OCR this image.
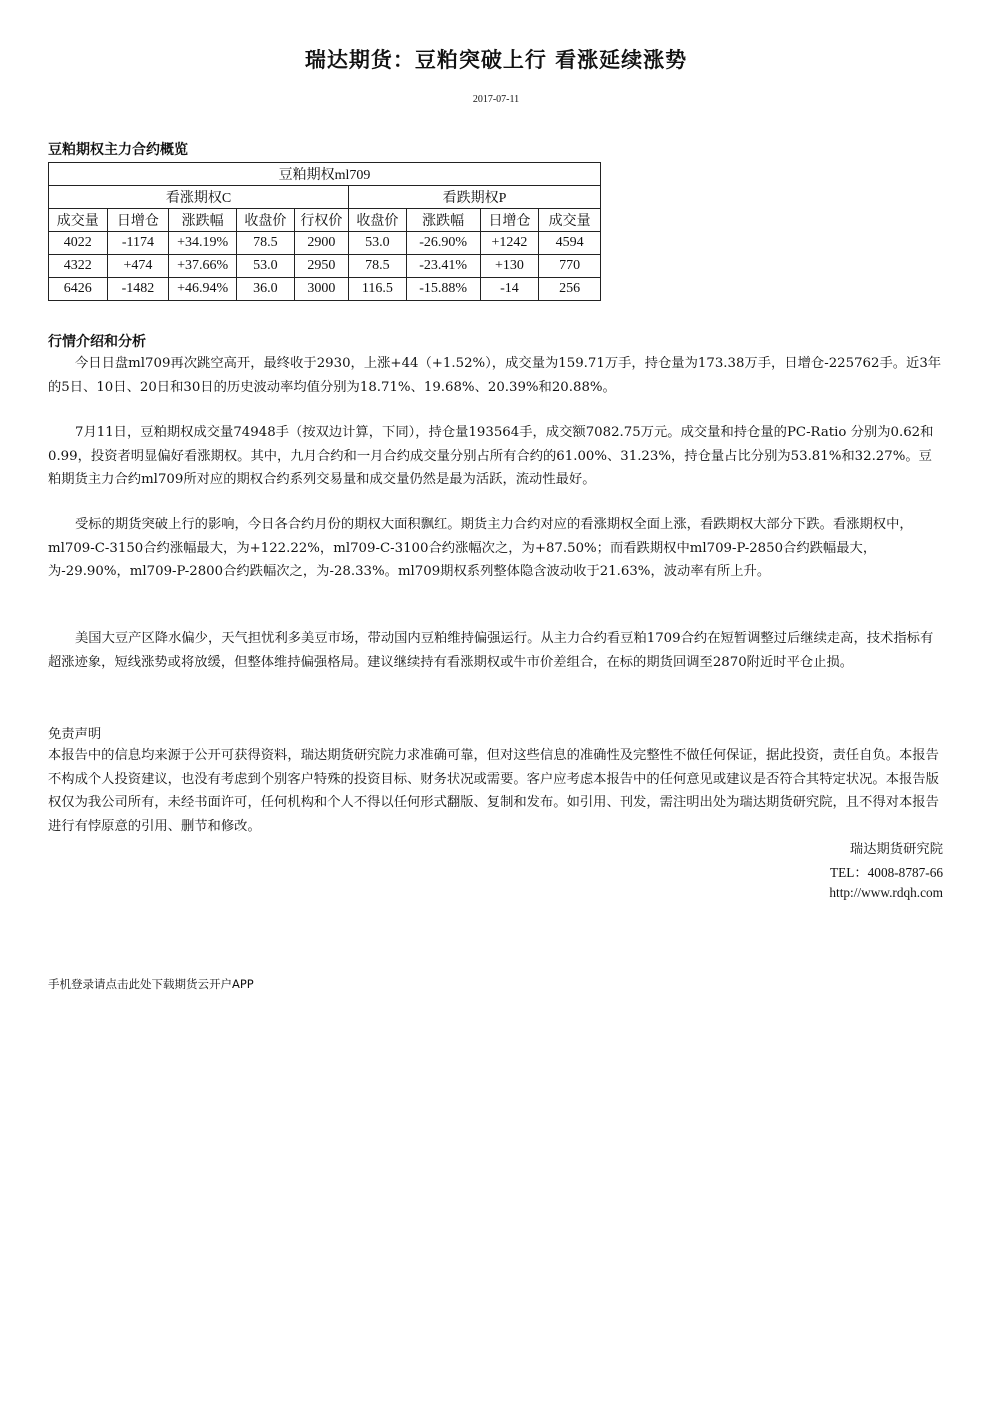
瑞达期货：豆粕突破上行 看涨延续涨势
2017-07-11
豆粕期权主力合约概览
豆粕期权ml709								
看涨期权C					看跌期权P			
成交量	日增仓	涨跌幅	收盘价	行权价	收盘价	涨跌幅	日增仓	成交量
4022	-1174	+34.19%	78.5	2900	53.0	-26.90%	+1242	4594
4322	+474	+37.66%	53.0	2950	78.5	-23.41%	+130	770
6426	-1482	+46.94%	36.0	3000	116.5	-15.88%	-14	256
行情介绍和分析

今日日盘ml709再次跳空高开，最终收于2930，上涨+44（+1.52%），成交量为159.71万手，持仓量为173.38万手，日增仓-225762手。近3年的5日、10日、20日和30日的历史波动率均值分别为18.71%、19.68%、20.39%和20.88%。

7月11日，豆粕期权成交量74948手（按双边计算，下同），持仓量193564手，成交额7082.75万元。成交量和持仓量的PC-Ratio 分别为0.62和0.99，投资者明显偏好看涨期权。其中，九月合约和一月合约成交量分别占所有合约的61.00%、31.23%，持仓量占比分别为53.81%和32.27%。豆粕期货主力合约ml709所对应的期权合约系列交易量和成交量仍然是最为活跃，流动性最好。

受标的期货突破上行的影响，今日各合约月份的期权大面积飘红。期货主力合约对应的看涨期权全面上涨，看跌期权大部分下跌。看涨期权中，ml709-C-3150合约涨幅最大，为+122.22%，ml709-C-3100合约涨幅次之，为+87.50%；而看跌期权中ml709-P-2850合约跌幅最大，为-29.90%，ml709-P-2800合约跌幅次之，为-28.33%。ml709期权系列整体隐含波动收于21.63%，波动率有所上升。

美国大豆产区降水偏少，天气担忧利多美豆市场，带动国内豆粕维持偏强运行。从主力合约看豆粕1709合约在短暂调整过后继续走高，技术指标有超涨迹象，短线涨势或将放缓，但整体维持偏强格局。建议继续持有看涨期权或牛市价差组合，在标的期货回调至2870附近时平仓止损。

免责声明

本报告中的信息均来源于公开可获得资料，瑞达期货研究院力求准确可靠，但对这些信息的准确性及完整性不做任何保证，据此投资，责任自负。本报告不构成个人投资建议，也没有考虑到个别客户特殊的投资目标、财务状况或需要。客户应考虑本报告中的任何意见或建议是否符合其特定状况。本报告版权仅为我公司所有，未经书面许可，任何机构和个人不得以任何形式翻版、复制和发布。如引用、刊发，需注明出处为瑞达期货研究院，且不得对本报告进行有悖原意的引用、删节和修改。

瑞达期货研究院
TEL：4008-8787-66
http://www.rdqh.com
手机登录请点击此处下载期货云开户APP
